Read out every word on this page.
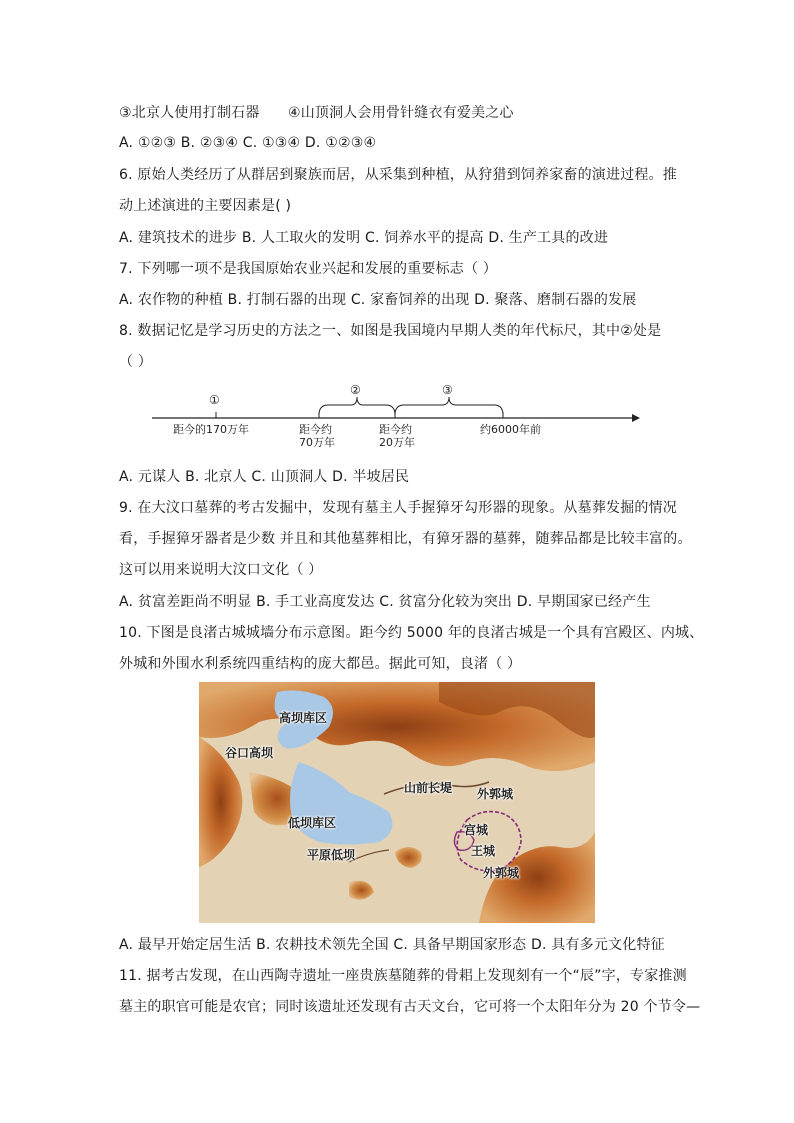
③北京人使用打制石器　　④山顶洞人会用骨针缝衣有爱美之心
A. ①②③ B. ②③④ C. ①③④ D. ①②③④
6. 原始人类经历了从群居到聚族而居，从采集到种植，从狩猎到饲养家畜的演进过程。推
动上述演进的主要因素是( )
A. 建筑技术的进步 B. 人工取火的发明 C. 饲养水平的提高 D. 生产工具的改进
7. 下列哪一项不是我国原始农业兴起和发展的重要标志（ ）
A. 农作物的种植 B. 打制石器的出现 C. 家畜饲养的出现 D. 聚落、磨制石器的发展
8. 数据记忆是学习历史的方法之一、如图是我国境内早期人类的年代标尺，其中②处是
（ ）
①
②	③
距今的170万年	距今约
70万年
距今约
20万年
约6000年前
A. 元谋人 B. 北京人 C. 山顶洞人 D. 半坡居民
9. 在大汶口墓葬的考古发掘中，发现有墓主人手握獐牙勾形器的现象。从墓葬发掘的情况
看，手握獐牙器者是少数 并且和其他墓葬相比，有獐牙器的墓葬，随葬品都是比较丰富的。
这可以用来说明大汶口文化（ ）
A. 贫富差距尚不明显 B. 手工业高度发达 C. 贫富分化较为突出 D. 早期国家已经产生
10. 下图是良渚古城城墙分布示意图。距今约 5000 年的良渚古城是一个具有宫殿区、内城、
外城和外围水利系统四重结构的庞大都邑。据此可知，良渚（ ）
高坝库区
谷口高坝
山前长堤 外郭城
低坝库区	宫城
王城
平原低坝
外郭城
A. 最早开始定居生活 B. 农耕技术领先全国 C. 具备早期国家形态 D. 具有多元文化特征
11. 据考古发现，在山西陶寺遗址一座贵族墓随葬的骨耜上发现刻有一个“辰”字，专家推测
墓主的职官可能是农官；同时该遗址还发现有古天文台，它可将一个太阳年分为 20 个节令—
